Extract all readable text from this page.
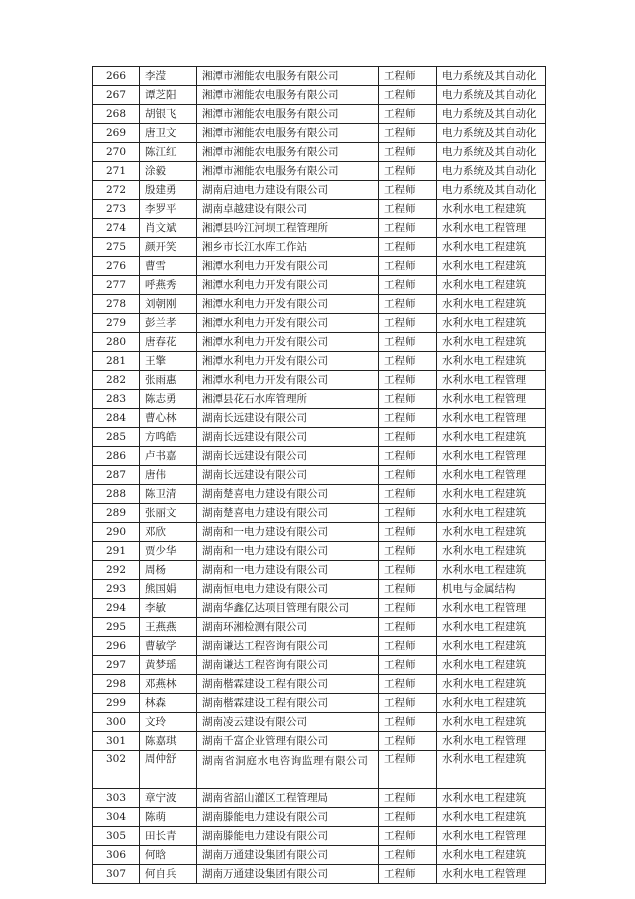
266	李滢	湘潭市湘能农电服务有限公司	工程师	电力系统及其自动化
267	谭芝阳	湘潭市湘能农电服务有限公司	工程师	电力系统及其自动化
268	胡银飞	湘潭市湘能农电服务有限公司	工程师	电力系统及其自动化
269	唐卫文	湘潭市湘能农电服务有限公司	工程师	电力系统及其自动化
270	陈江红	湘潭市湘能农电服务有限公司	工程师	电力系统及其自动化
271	涂毅	湘潭市湘能农电服务有限公司	工程师	电力系统及其自动化
272	殷建勇	湖南启迪电力建设有限公司	工程师	电力系统及其自动化
273	李罗平	湖南卓越建设有限公司	工程师	水利水电工程建筑
274	肖文斌	湘潭县吟江河坝工程管理所	工程师	水利水电工程管理
275	颜开笑	湘乡市长江水库工作站	工程师	水利水电工程建筑
276	曹雪	湘潭水利电力开发有限公司	工程师	水利水电工程建筑
277	呼燕秀	湘潭水利电力开发有限公司	工程师	水利水电工程建筑
278	刘朝刚	湘潭水利电力开发有限公司	工程师	水利水电工程建筑
279	彭兰孝	湘潭水利电力开发有限公司	工程师	水利水电工程建筑
280	唐春花	湘潭水利电力开发有限公司	工程师	水利水电工程建筑
281	王擎	湘潭水利电力开发有限公司	工程师	水利水电工程建筑
282	张雨惠	湘潭水利电力开发有限公司	工程师	水利水电工程管理
283	陈志勇	湘潭县花石水库管理所	工程师	水利水电工程管理
284	曹心林	湖南长远建设有限公司	工程师	水利水电工程管理
285	方鸣皓	湖南长远建设有限公司	工程师	水利水电工程建筑
286	卢书嘉	湖南长远建设有限公司	工程师	水利水电工程管理
287	唐伟	湖南长远建设有限公司	工程师	水利水电工程管理
288	陈卫清	湖南楚喜电力建设有限公司	工程师	水利水电工程建筑
289	张丽文	湖南楚喜电力建设有限公司	工程师	水利水电工程建筑
290	邓欣	湖南和一电力建设有限公司	工程师	水利水电工程建筑
291	贾少华	湖南和一电力建设有限公司	工程师	水利水电工程建筑
292	周杨	湖南和一电力建设有限公司	工程师	水利水电工程建筑
293	熊国娟	湖南恒电电力建设有限公司	工程师	机电与金属结构
294	李敏	湖南华鑫亿达项目管理有限公司	工程师	水利水电工程管理
295	王燕燕	湖南环湘检测有限公司	工程师	水利水电工程建筑
296	曹敏学	湖南谦达工程咨询有限公司	工程师	水利水电工程建筑
297	黄梦瑶	湖南谦达工程咨询有限公司	工程师	水利水电工程建筑
298	邓燕林	湖南楷霖建设工程有限公司	工程师	水利水电工程建筑
299	林森	湖南楷霖建设工程有限公司	工程师	水利水电工程建筑
300	文玲	湖南凌云建设有限公司	工程师	水利水电工程建筑
301	陈嘉琪	湖南千富企业管理有限公司	工程师	水利水电工程管理
302	周仲舒	湖南省洞庭水电咨询监理有限公司	工程师	水利水电工程建筑
303	章宁波	湖南省韶山灌区工程管理局	工程师	水利水电工程建筑
304	陈萌	湖南滕能电力建设有限公司	工程师	水利水电工程建筑
305	田长青	湖南滕能电力建设有限公司	工程师	水利水电工程管理
306	何晗	湖南万通建设集团有限公司	工程师	水利水电工程建筑
307	何自兵	湖南万通建设集团有限公司	工程师	水利水电工程管理
